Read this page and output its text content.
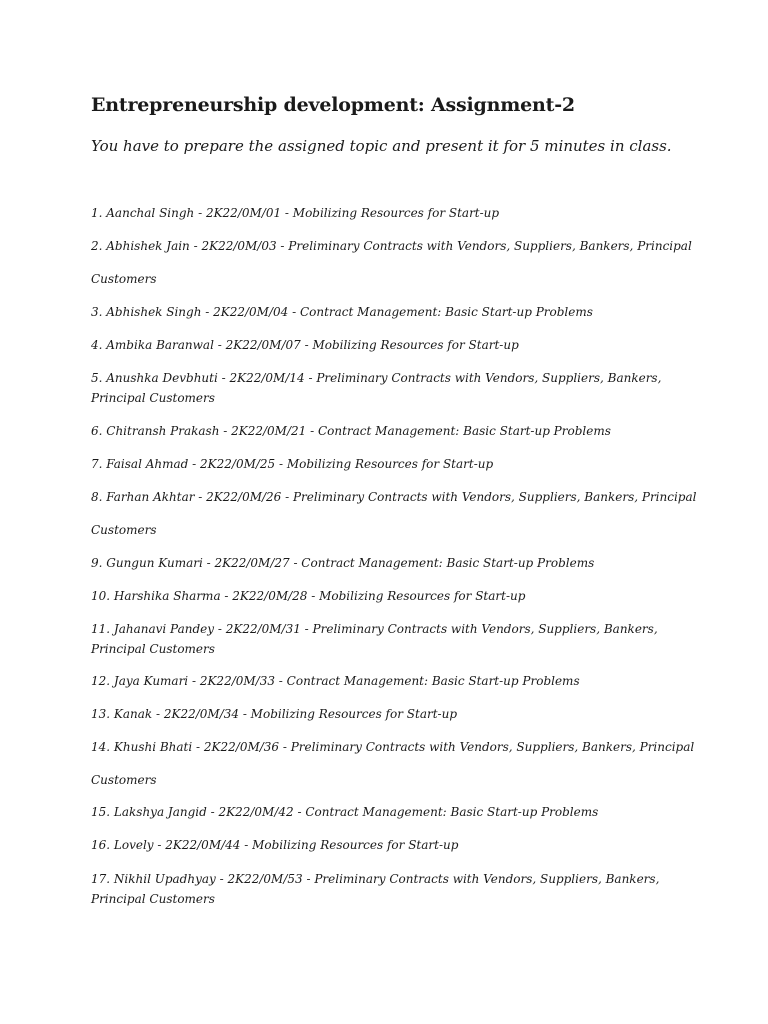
Entrepreneurship development: Assignment-2
You have to prepare the assigned topic and present it for 5 minutes in class.
1. Aanchal Singh - 2K22/0M/01 - Mobilizing Resources for Start-up
2. Abhishek Jain - 2K22/0M/03 - Preliminary Contracts with Vendors, Suppliers, Bankers, Principal
Customers
3. Abhishek Singh - 2K22/0M/04 - Contract Management: Basic Start-up Problems
4. Ambika Baranwal - 2K22/0M/07 - Mobilizing Resources for Start-up
5. Anushka Devbhuti - 2K22/0M/14 - Preliminary Contracts with Vendors, Suppliers, Bankers,
Principal Customers
6. Chitransh Prakash - 2K22/0M/21 - Contract Management: Basic Start-up Problems
7. Faisal Ahmad - 2K22/0M/25 - Mobilizing Resources for Start-up
8. Farhan Akhtar - 2K22/0M/26 - Preliminary Contracts with Vendors, Suppliers, Bankers, Principal
Customers
9. Gungun Kumari - 2K22/0M/27 - Contract Management: Basic Start-up Problems
10. Harshika Sharma - 2K22/0M/28 - Mobilizing Resources for Start-up
11. Jahanavi Pandey - 2K22/0M/31 - Preliminary Contracts with Vendors, Suppliers, Bankers,
Principal Customers
12. Jaya Kumari - 2K22/0M/33 - Contract Management: Basic Start-up Problems
13. Kanak - 2K22/0M/34 - Mobilizing Resources for Start-up
14. Khushi Bhati - 2K22/0M/36 - Preliminary Contracts with Vendors, Suppliers, Bankers, Principal
Customers
15. Lakshya Jangid - 2K22/0M/42 - Contract Management: Basic Start-up Problems
16. Lovely - 2K22/0M/44 - Mobilizing Resources for Start-up
17. Nikhil Upadhyay - 2K22/0M/53 - Preliminary Contracts with Vendors, Suppliers, Bankers,
Principal Customers
